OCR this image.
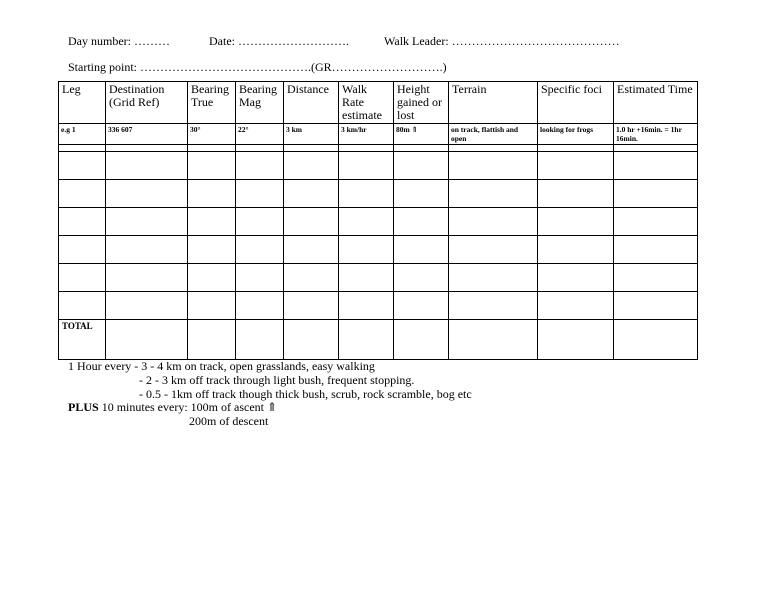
Day number: ………	Date: ……………………….	Walk Leader: ……………………………………
Starting point: …………………………………….(GR……………………….)
Leg	Destination (Grid Ref)	Bearing True	Bearing Mag	Distance	Walk Rate estimate	Height gained or lost	Terrain	Specific foci	Estimated Time
e.g 1	336 607	30°	22°	3 km	3 km/hr	80m ⇑	on track, flattish and open	looking for frogs	1.0 hr +16min. = 1hr 16min.

TOTAL									
1 Hour every - 3 - 4 km on track, open grasslands, easy walking
- 2 - 3 km off track through light bush, frequent stopping.
- 0.5 - 1km off track though thick bush, scrub, rock scramble, bog etc
PLUS 10 minutes every: 100m of ascent ⇑
200m of descent
